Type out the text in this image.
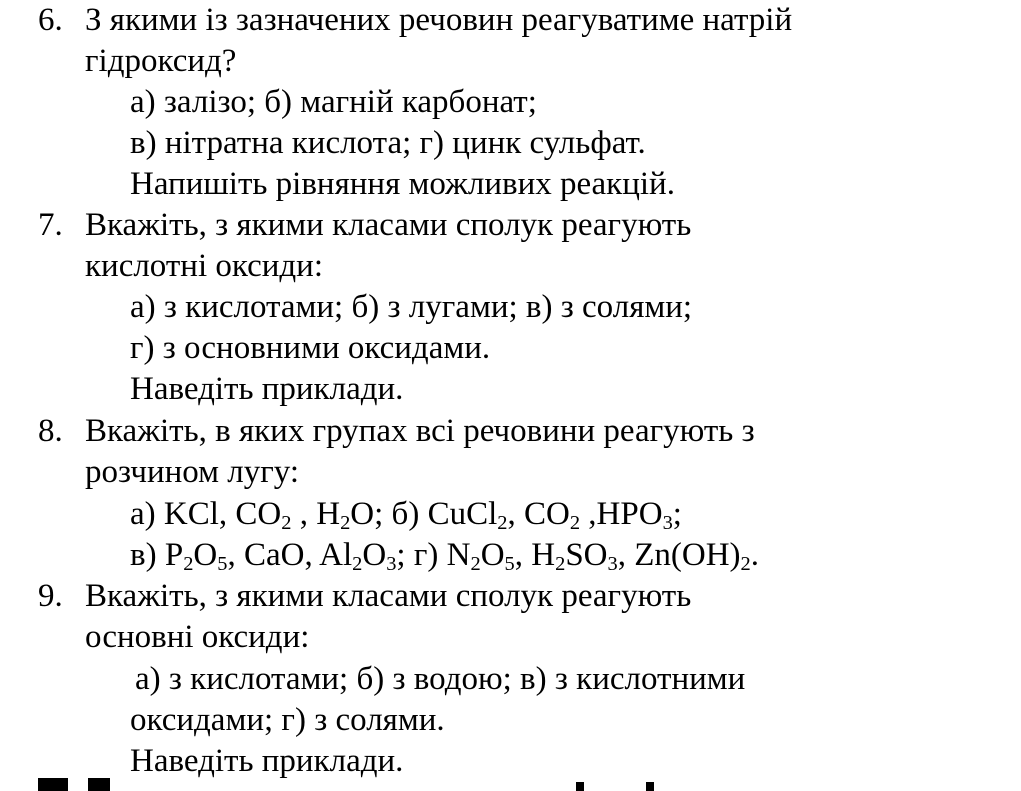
6. З якими із зазначених речовин реагуватиме натрій
гідроксид?
а) залізо; б) магній карбонат;
в) нітратна кислота; г) цинк сульфат.
Напишіть рівняння можливих реакцій.
7. Вкажіть, з якими класами сполук реагують
кислотні оксиди:
а) з кислотами; б) з лугами; в) з солями;
г) з основними оксидами.
Наведіть приклади.
8. Вкажіть, в яких групах всі речовини реагують з
розчином лугу:
а) KCl, $CO_2$ , $H_2O$; б) CuCl$_2$, $CO_2$ $,HPO_3$;
в) $P_2O_5$, CaO, $Al_2O_3$; г) $N_2O_5$, $H_2SO_3$, $Zn(OH)_2$.
9. Вкажіть, з якими класами сполук реагують
основні оксиди:
а) з кислотами; б) з водою; в) з кислотними
оксидами; г) з солями.
Наведіть приклади.
